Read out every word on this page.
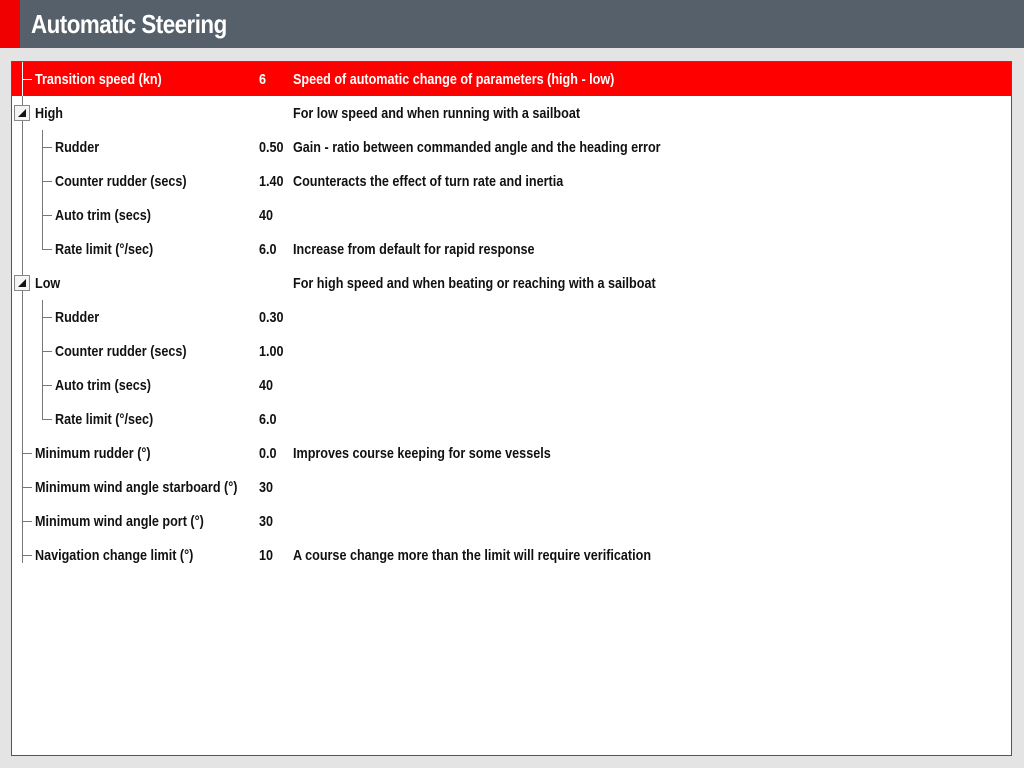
Automatic Steering
Transition speed (kn)	6 Speed of automatic change of parameters (high - low)
High	For low speed and when running with a sailboat
Rudder	0.50 Gain - ratio between commanded angle and the heading error
Counter rudder (secs)	1.40 Counteracts the effect of turn rate and inertia
Auto trim (secs)	40
Rate limit (°/sec)	6.0 Increase from default for rapid response
Low	For high speed and when beating or reaching with a sailboat
Rudder	0.30
Counter rudder (secs)	1.00
Auto trim (secs)	40
Rate limit (°/sec)	6.0
Minimum rudder (°)	0.0 Improves course keeping for some vessels
Minimum wind angle starboard (°) 30
Minimum wind angle port (°)	30
Navigation change limit (°)	10 A course change more than the limit will require verification
